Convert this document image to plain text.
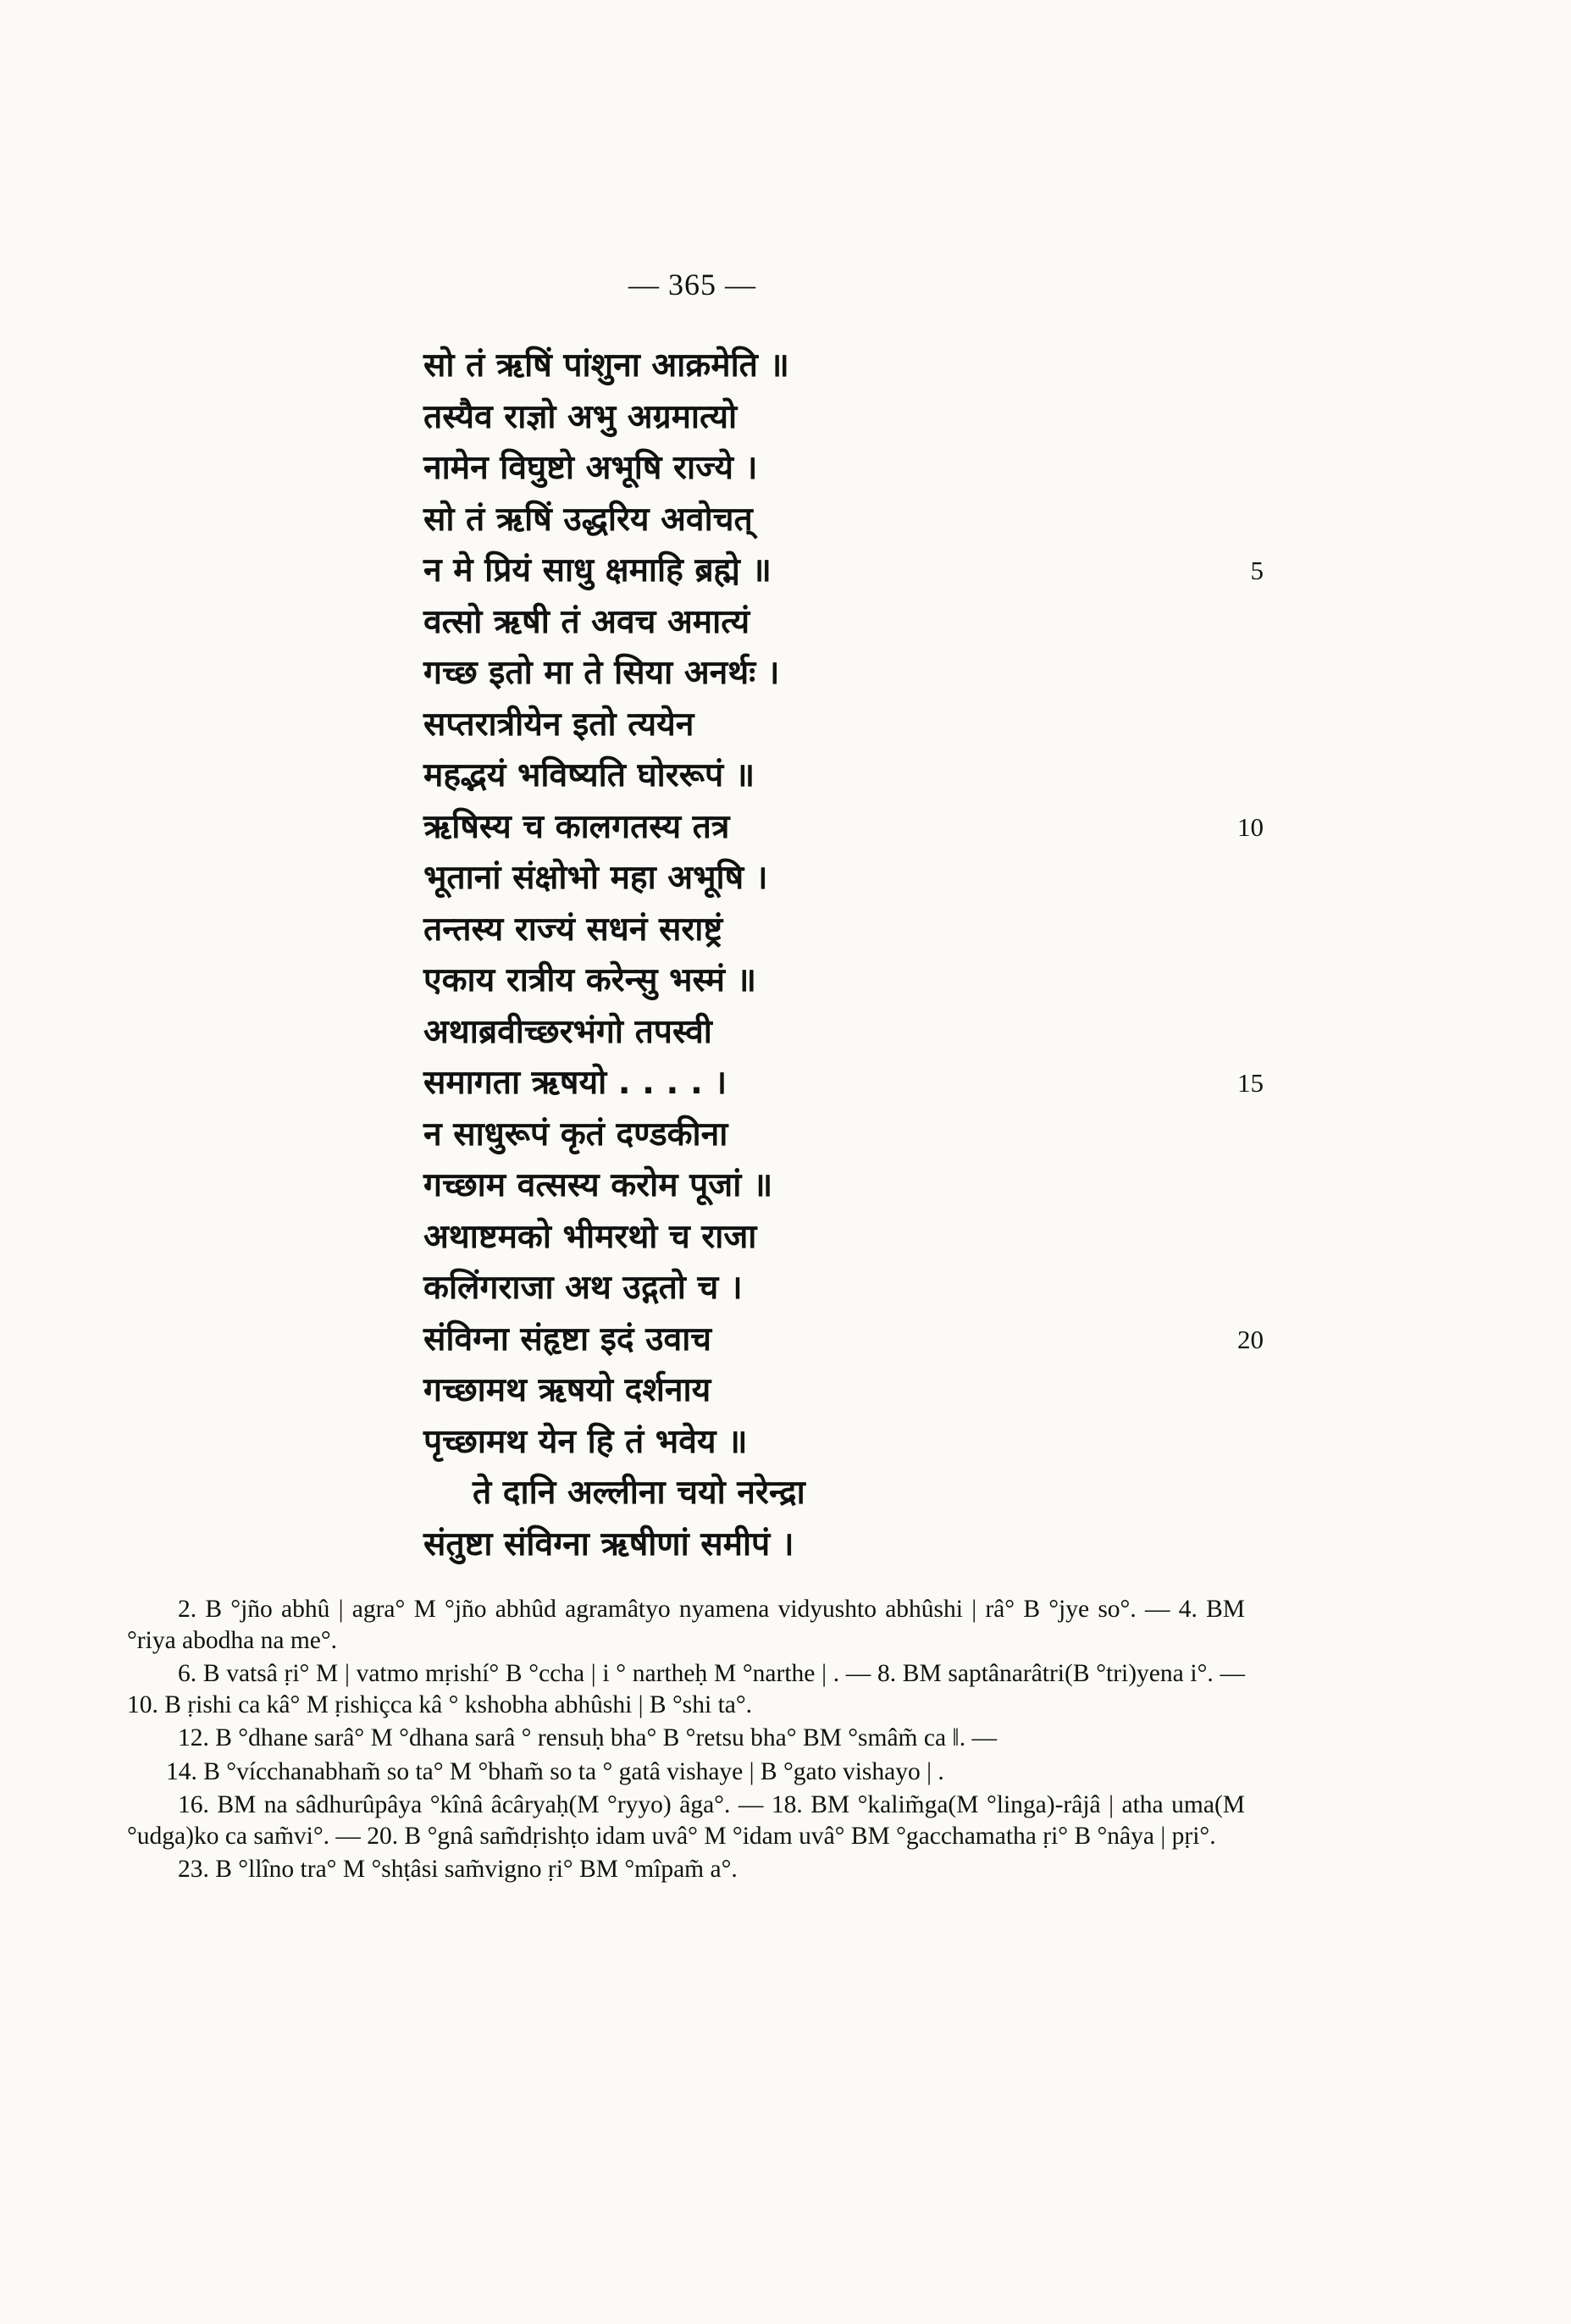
— 365 —
सो तं ऋषिं पांशुना आक्रमेति ॥
तस्यैव राज्ञो अभु अग्रमात्यो
नामेन विघुष्टो अभूषि राज्ये ।
सो तं ऋषिं उद्धरिय अवोचत्
न मे प्रियं साधु क्षमाहि ब्रह्मे ॥	5
वत्सो ऋषी तं अवच अमात्यं
गच्छ इतो मा ते सिया अनर्थः ।
सप्तरात्रीयेन इतो त्ययेन
महद्भयं भविष्यति घोररूपं ॥
ऋषिस्य च कालगतस्य तत्र	10
भूतानां संक्षोभो महा अभूषि ।
तन्तस्य राज्यं सधनं सराष्ट्रं
एकाय रात्रीय करेन्सु भस्मं ॥
अथाब्रवीच्छरभंगो तपस्वी
समागता ऋषयो . . . . ।	15
न साधुरूपं कृतं दण्डकीना
गच्छाम वत्सस्य करोम पूजां ॥
अथाष्टमको भीमरथो च राजा
कलिंगराजा अथ उद्गतो च ।
संविग्ना संहृष्टा इदं उवाच	20
गच्छामथ ऋषयो दर्शनाय
पृच्छामथ येन हि तं भवेय ॥
ते दानि अल्लीना चयो नरेन्द्रा
संतुष्टा संविग्ना ऋषीणां समीपं ।

2. B °jño abhû | agra° M °jño abhûd agramâtyo nyamena vidyushto abhûshi | râ° B °jye so°. — 4. BM °riya abodha na me°.

6. B vatsâ ṛi° M | vatmo mṛishí° B °ccha | i ° nartheḥ M °narthe | . — 8. BM saptânarâtri(B °tri)yena i°. — 10. B ṛishi ca kâ° M ṛishiçca kâ ° kshobha abhûshi | B °shi ta°.

12. B °dhane sarâ° M °dhana sarâ ° rensuḥ bha° B °retsu bha° BM °smâm̃ ca ‖. —

14. B °vícchanabham̃ so ta° M °bham̃ so ta ° gatâ vishaye | B °gato vishayo | .

16. BM na sâdhurûpâya °kînâ âcâryaḥ(M °ryyo) âga°. — 18. BM °kalim̃ga(M °linga)-râjâ | atha uma(M °udga)ko ca sam̃vi°. — 20. B °gnâ sam̃dṛishṭo idam uvâ° M °idam uvâ° BM °gacchamatha ṛi° B °nâya | pṛi°.

23. B °llîno tra° M °shṭâsi sam̃vigno ṛi° BM °mîpam̃ a°.
